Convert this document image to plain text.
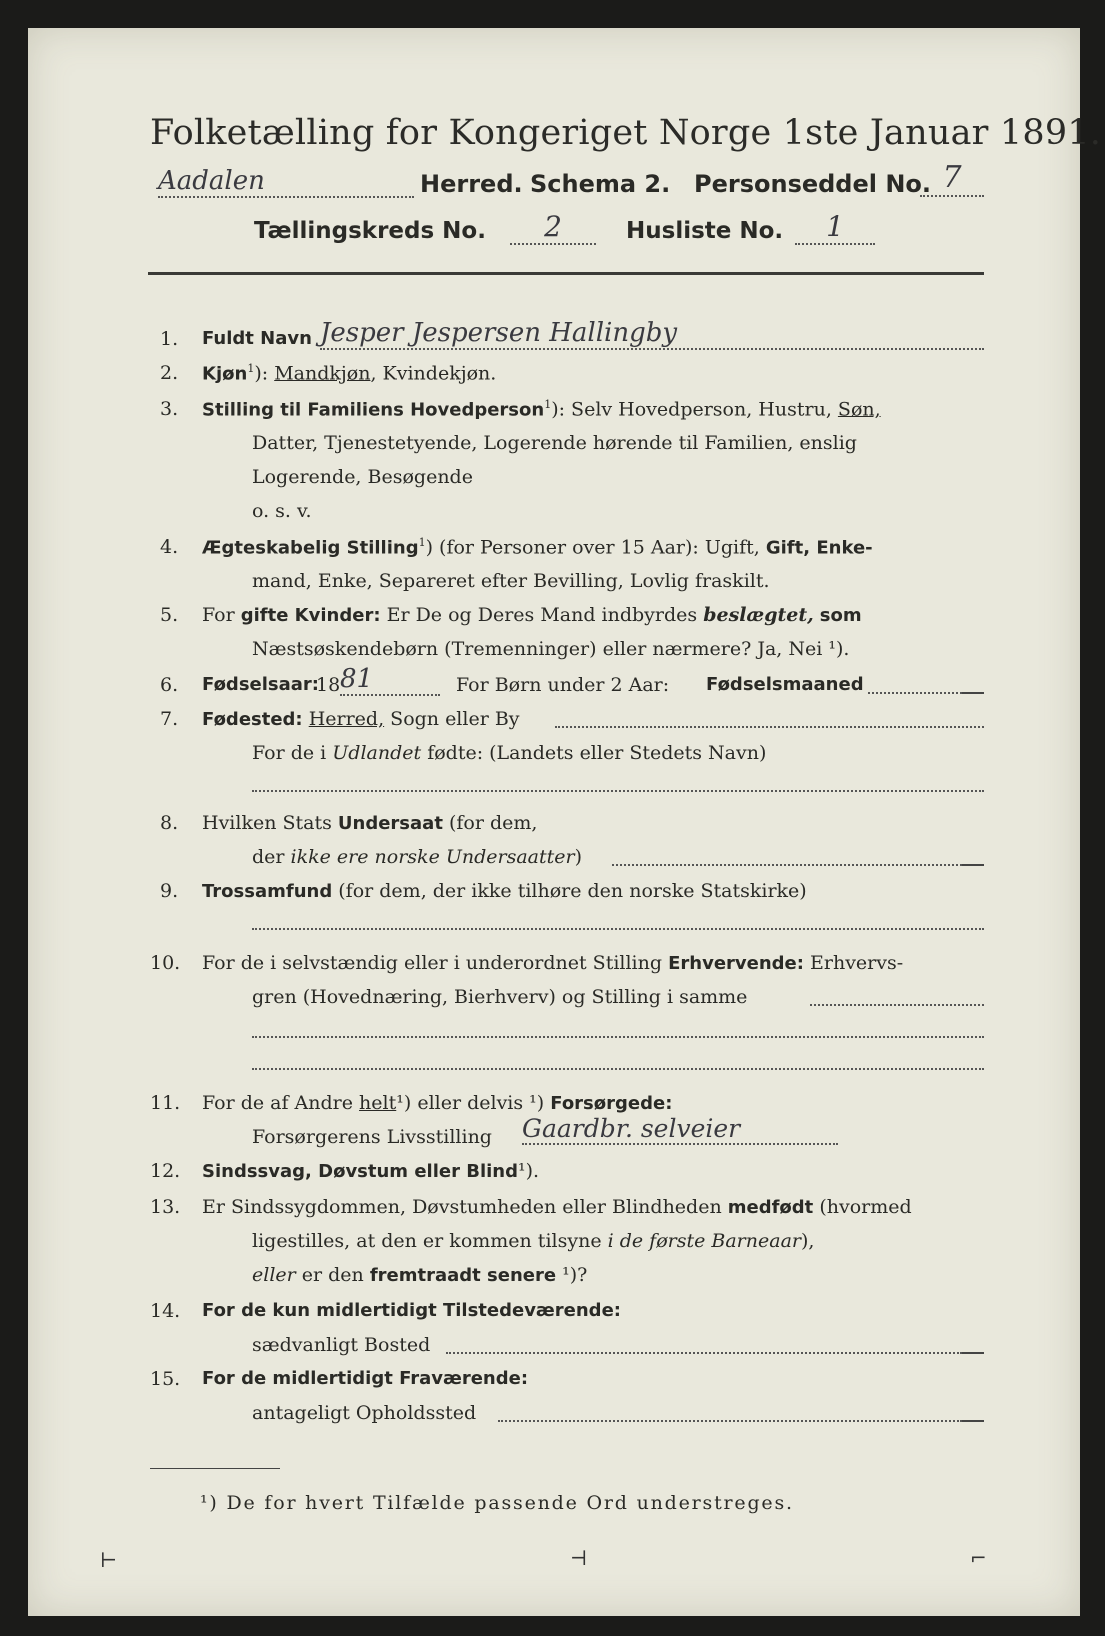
Folketælling for Kongeriget Norge 1ste Januar 1891.
Aadalen	Herred. Schema 2. Personseddel No. 7
Tællingskreds No.	2	Husliste No.	1
1. Fuldt Navn Jesper Jespersen Hallingby
2. Kjøn$^1$): Mandkjøn, Kvindekjøn.
3. Stilling til Familiens Hovedperson$^1$): Selv Hovedperson, Hustru, Søn,
Datter, Tjenestetyende, Logerende hørende til Familien, enslig
Logerende, Besøgende
o. s. v.
4. Ægteskabelig Stilling$^1$) (for Personer over 15 Aar): Ugift, Gift, Enke-
mand, Enke, Separeret efter Bevilling, Lovlig fraskilt.
5. For gifte Kvinder: Er De og Deres Mand indbyrdes beslægtet, som
Næstsøskendebørn (Tremenninger) eller nærmere? Ja, Nei ¹).
6. Fødselsaar:
18 81	For Børn under 2 Aar: Fødselsmaaned
7. Fødested: Herred, Sogn eller By
For de i Udlandet fødte: (Landets eller Stedets Navn)
8. Hvilken Stats Undersaat (for dem,
der ikke ere norske Undersaatter)
9. Trossamfund (for dem, der ikke tilhøre den norske Statskirke)
10. For de i selvstændig eller i underordnet Stilling Erhvervende: Erhvervs-
gren (Hovednæring, Bierhverv) og Stilling i samme
11. For de af Andre helt¹) eller delvis ¹) Forsørgede:
Forsørgerens Livsstilling Gaardbr. selveier
12. Sindssvag, Døvstum eller Blind¹).
13. Er Sindssygdommen, Døvstumheden eller Blindheden medfødt (hvormed
ligestilles, at den er kommen tilsyne i de første Barneaar),
eller er den fremtraadt senere ¹)?
14. For de kun midlertidigt Tilstedeværende:
sædvanligt Bosted
15. For de midlertidigt Fraværende:
antageligt Opholdssted
¹) De for hvert Tilfælde passende Ord understreges.
⊢	⊣	⌐
